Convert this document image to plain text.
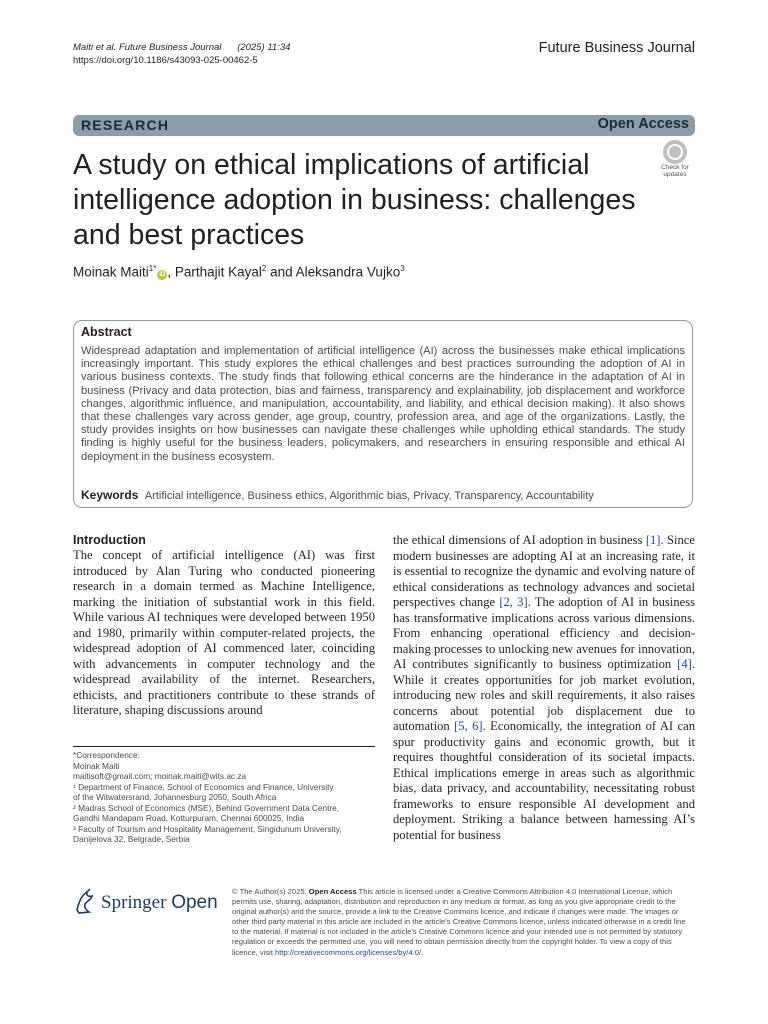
Maiti et al. Future Business Journal (2025) 11:34
https://doi.org/10.1186/s43093-025-00462-5
Future Business Journal
RESEARCH	Open Access
A study on ethical implications of artificial intelligence adoption in business: challenges and best practices
Check for
updates
Moinak Maiti$^{1*}$iD , Parthajit Kayal$^2$ and Aleksandra Vujko$^3$
Abstract

Widespread adaptation and implementation of artificial intelligence (AI) across the businesses make ethical implications increasingly important. This study explores the ethical challenges and best practices surrounding the adoption of AI in various business contexts. The study finds that following ethical concerns are the hinderance in the adaptation of AI in business (Privacy and data protection, bias and fairness, transparency and explainability, job displacement and workforce changes, algorithmic influence, and manipulation, accountability, and liability, and ethical decision making). It also shows that these challenges vary across gender, age group, country, profession area, and age of the organizations. Lastly, the study provides insights on how businesses can navigate these challenges while upholding ethical standards. The study finding is highly useful for the business leaders, policymakers, and researchers in ensuring responsible and ethical AI deployment in the business ecosystem.

Keywords Artificial intelligence, Business ethics, Algorithmic bias, Privacy, Transparency, Accountability
Introduction

The concept of artificial intelligence (AI) was first introduced by Alan Turing who conducted pioneering research in a domain termed as Machine Intelligence, marking the initiation of substantial work in this field. While various AI techniques were developed between 1950 and 1980, primarily within computer-related projects, the widespread adoption of AI commenced later, coinciding with advancements in computer technology and the widespread availability of the internet. Researchers, ethicists, and practitioners contribute to these strands of literature, shaping discussions around

the ethical dimensions of AI adoption in business [1]. Since modern businesses are adopting AI at an increasing rate, it is essential to recognize the dynamic and evolving nature of ethical considerations as technology advances and societal perspectives change [2, 3]. The adoption of AI in business has transformative implications across various dimensions. From enhancing operational efficiency and decision-making processes to unlocking new avenues for innovation, AI contributes significantly to business optimization [4]. While it creates opportunities for job market evolution, introducing new roles and skill requirements, it also raises concerns about potential job displacement due to automation [5, 6]. Economically, the integration of AI can spur productivity gains and economic growth, but it requires thoughtful consideration of its societal impacts. Ethical implications emerge in areas such as algorithmic bias, data privacy, and accountability, necessitating robust frameworks to ensure responsible AI development and deployment. Striking a balance between harnessing AI’s potential for business

*Correspondence:
Moinak Maiti
maitisoft@gmail.com; moinak.maiti@wits.ac.za
¹ Department of Finance, School of Economics and Finance, University
of the Witwatersrand, Johannesburg 2050, South Africa
² Madras School of Economics (MSE), Behind Government Data Centre,
Gandhi Mandapam Road, Kotturpuram, Chennai 600025, India
³ Faculty of Tourism and Hospitality Management, Singidunum University,
Danijelova 32, Belgrade, Serbia
Springer Open
© The Author(s) 2025. Open Access This article is licensed under a Creative Commons Attribution 4.0 International License, which permits use, sharing, adaptation, distribution and reproduction in any medium or format, as long as you give appropriate credit to the original author(s) and the source, provide a link to the Creative Commons licence, and indicate if changes were made. The images or other third party material in this article are included in the article’s Creative Commons licence, unless indicated otherwise in a credit line to the material. If material is not included in the article’s Creative Commons licence and your intended use is not permitted by statutory regulation or exceeds the permitted use, you will need to obtain permission directly from the copyright holder. To view a copy of this licence, visit http://creativecommons.org/licenses/by/4.0/.
